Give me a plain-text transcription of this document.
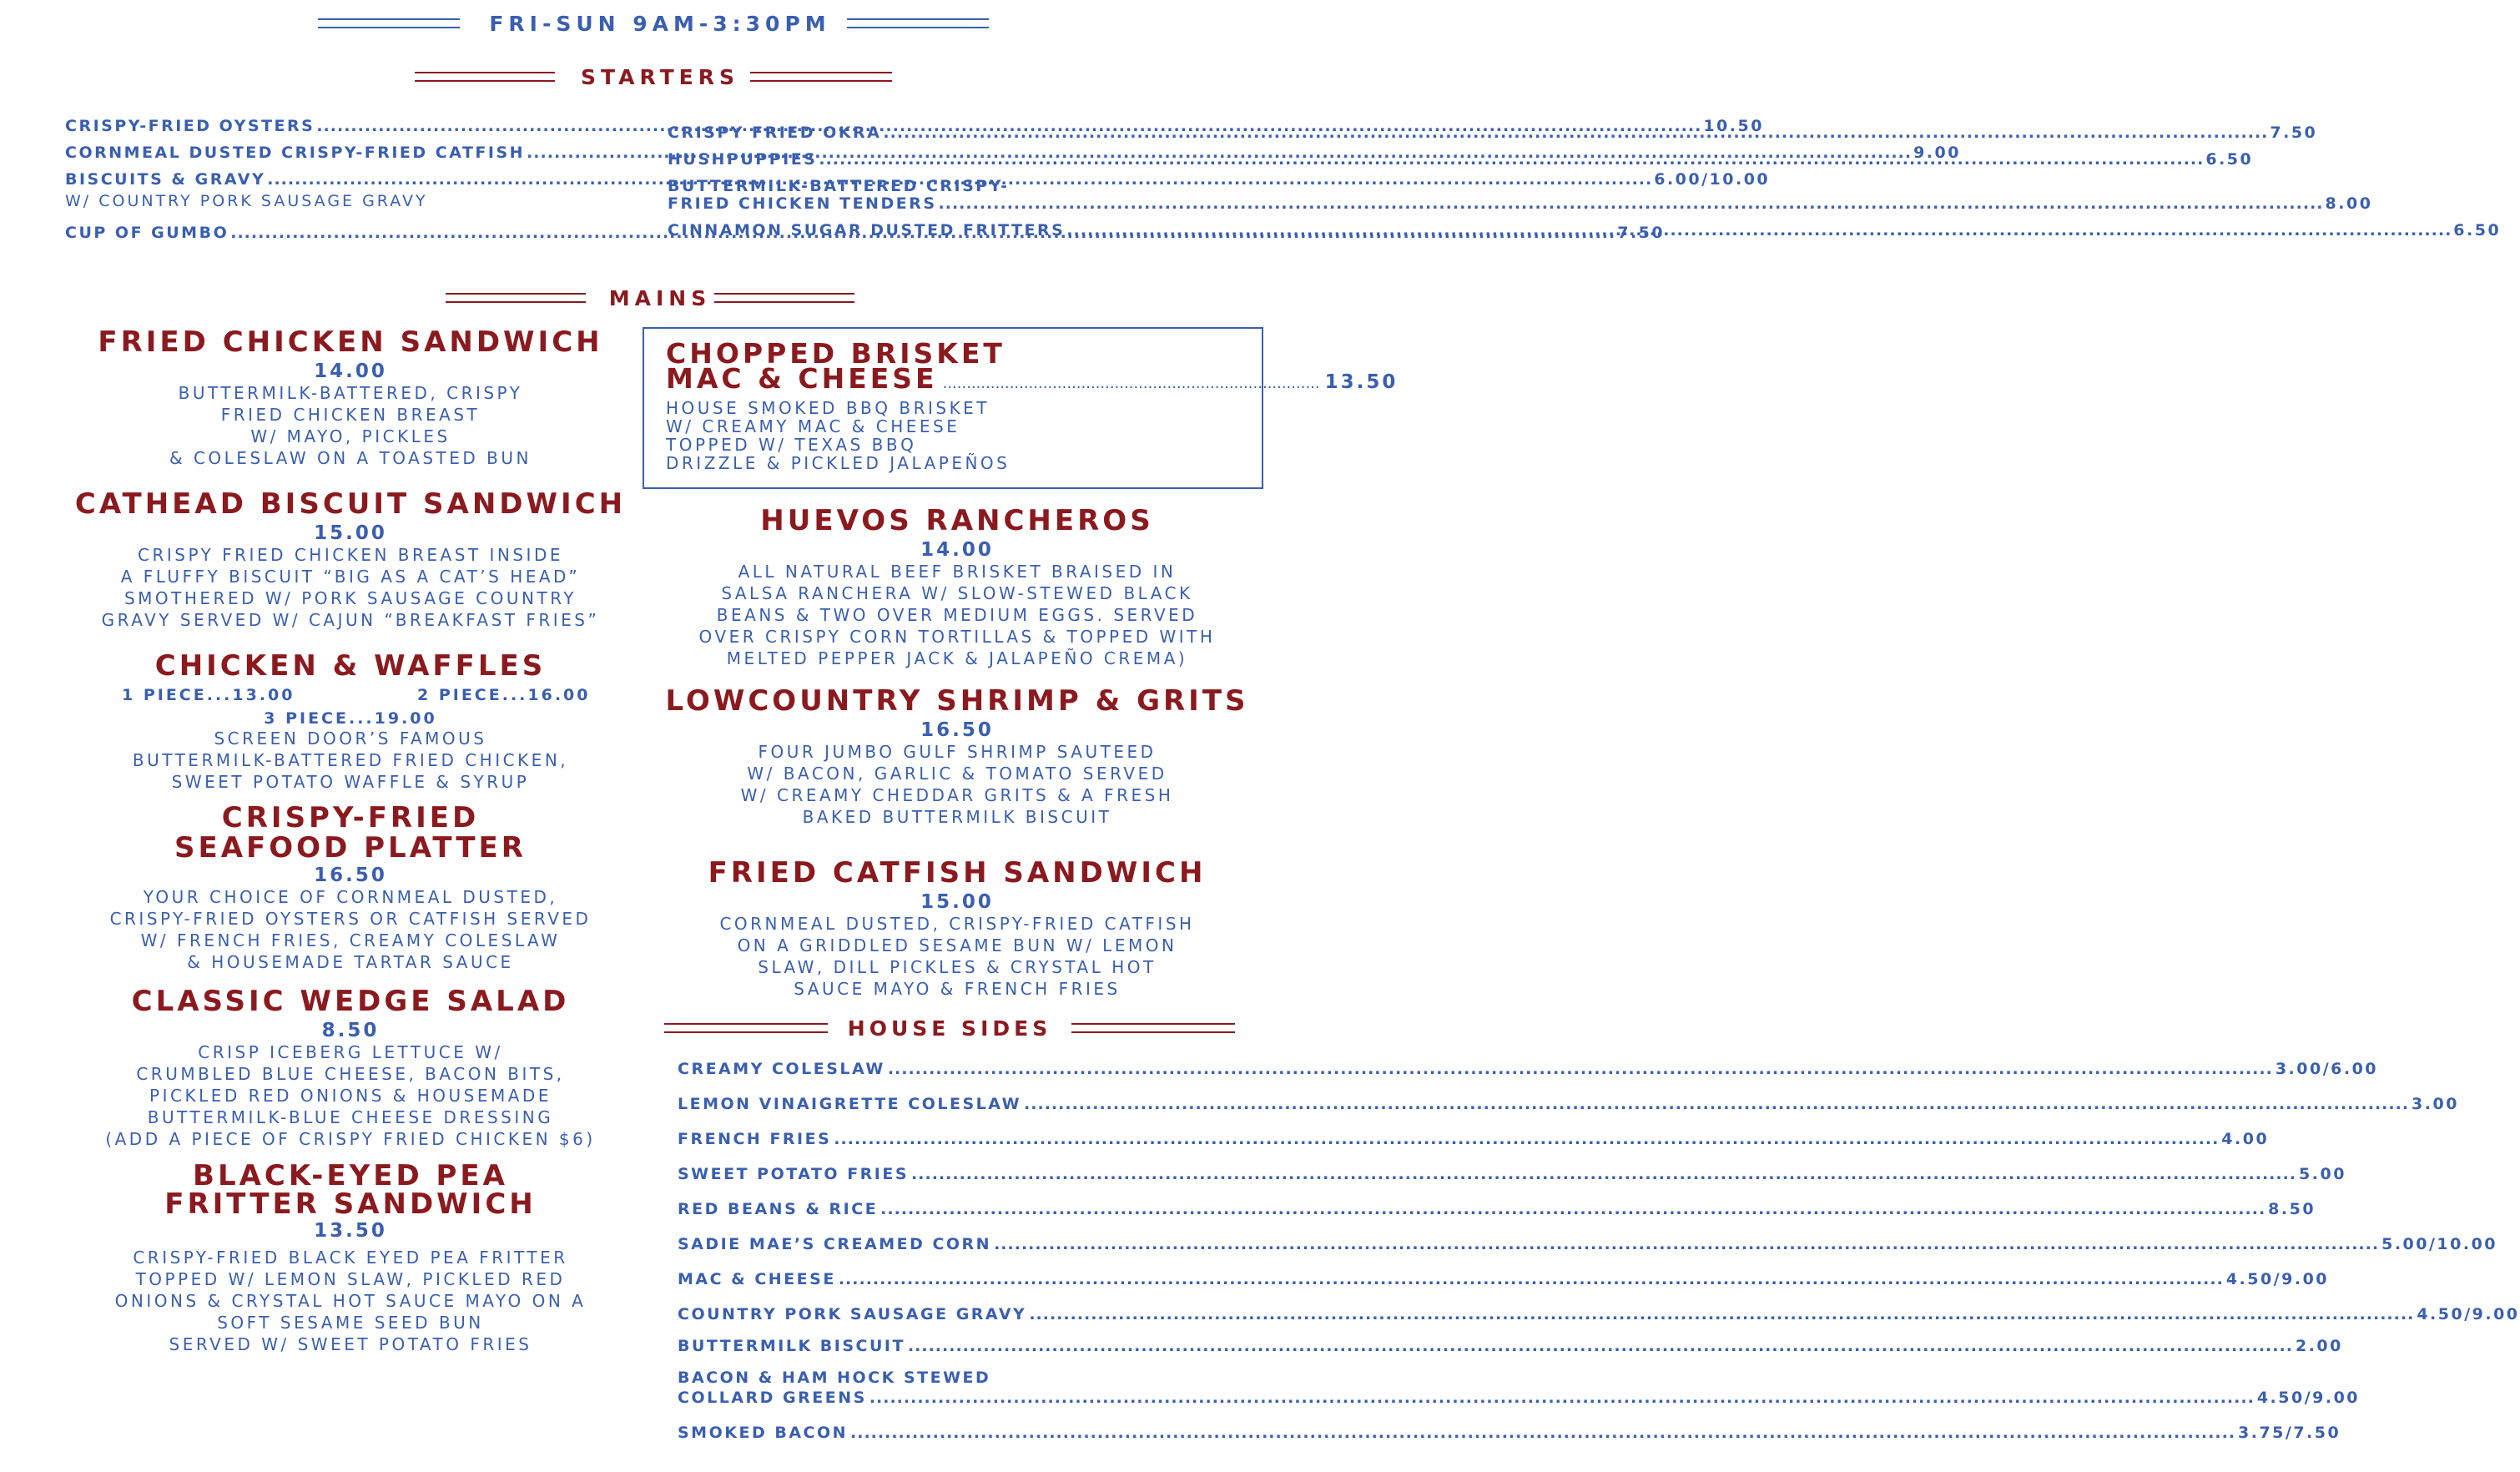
FRI-SUN 9AM-3:30PM
STARTERS
CRISPY-FRIED OYSTERS .....	10.50
CORNMEAL DUSTED CRISPY-FRIED CATFISH .....	9.00
BISCUITS & GRAVY .....	6.00/10.00
W/ COUNTRY PORK SAUSAGE GRAVY
CUP OF GUMBO .....	7.50
CRISPY FRIED OKRA .....	7.50
HUSHPUPPIES .....	6.50
BUTTERMILK-BATTERED CRISPY-
FRIED CHICKEN TENDERS .....	8.00
CINNAMON SUGAR DUSTED FRITTERS .....	6.50
MAINS
FRIED CHICKEN SANDWICH
14.00
BUTTERMILK-BATTERED, CRISPY
FRIED CHICKEN BREAST
W/ MAYO, PICKLES
& COLESLAW ON A TOASTED BUN
CATHEAD BISCUIT SANDWICH
15.00
CRISPY FRIED CHICKEN BREAST INSIDE
A FLUFFY BISCUIT “BIG AS A CAT’S HEAD”
SMOTHERED W/ PORK SAUSAGE COUNTRY
GRAVY SERVED W/ CAJUN “BREAKFAST FRIES”
CHICKEN & WAFFLES
1 PIECE...13.00	2 PIECE...16.00
3 PIECE...19.00
SCREEN DOOR’S FAMOUS
BUTTERMILK-BATTERED FRIED CHICKEN,
SWEET POTATO WAFFLE & SYRUP
CRISPY-FRIED
SEAFOOD PLATTER
16.50
YOUR CHOICE OF CORNMEAL DUSTED,
CRISPY-FRIED OYSTERS OR CATFISH SERVED
W/ FRENCH FRIES, CREAMY COLESLAW
& HOUSEMADE TARTAR SAUCE
CLASSIC WEDGE SALAD
8.50
CRISP ICEBERG LETTUCE W/
CRUMBLED BLUE CHEESE, BACON BITS,
PICKLED RED ONIONS & HOUSEMADE
BUTTERMILK-BLUE CHEESE DRESSING
(ADD A PIECE OF CRISPY FRIED CHICKEN $6)
BLACK-EYED PEA
FRITTER SANDWICH
13.50
CRISPY-FRIED BLACK EYED PEA FRITTER
TOPPED W/ LEMON SLAW, PICKLED RED
ONIONS & CRYSTAL HOT SAUCE MAYO ON A
SOFT SESAME SEED BUN
SERVED W/ SWEET POTATO FRIES
CHOPPED BRISKET
MAC & CHEESE ............................................................................... 13.50
HOUSE SMOKED BBQ BRISKET
W/ CREAMY MAC & CHEESE
TOPPED W/ TEXAS BBQ
DRIZZLE & PICKLED JALAPEÑOS
HUEVOS RANCHEROS
14.00
ALL NATURAL BEEF BRISKET BRAISED IN
SALSA RANCHERA W/ SLOW-STEWED BLACK
BEANS & TWO OVER MEDIUM EGGS. SERVED
OVER CRISPY CORN TORTILLAS & TOPPED WITH
MELTED PEPPER JACK & JALAPEÑO CREMA)
LOWCOUNTRY SHRIMP & GRITS
16.50
FOUR JUMBO GULF SHRIMP SAUTEED
W/ BACON, GARLIC & TOMATO SERVED
W/ CREAMY CHEDDAR GRITS & A FRESH
BAKED BUTTERMILK BISCUIT
FRIED CATFISH SANDWICH
15.00
CORNMEAL DUSTED, CRISPY-FRIED CATFISH
ON A GRIDDLED SESAME BUN W/ LEMON
SLAW, DILL PICKLES & CRYSTAL HOT
SAUCE MAYO & FRENCH FRIES
HOUSE SIDES
CREAMY COLESLAW .....	3.00/6.00
LEMON VINAIGRETTE COLESLAW .....	3.00
FRENCH FRIES .....	4.00
SWEET POTATO FRIES .....	5.00
RED BEANS & RICE .....	8.50
SADIE MAE’S CREAMED CORN .....	5.00/10.00
MAC & CHEESE .....	4.50/9.00
COUNTRY PORK SAUSAGE GRAVY .....	4.50/9.00
BUTTERMILK BISCUIT .....	2.00
BACON & HAM HOCK STEWED
COLLARD GREENS .....	4.50/9.00
SMOKED BACON .....	3.75/7.50
